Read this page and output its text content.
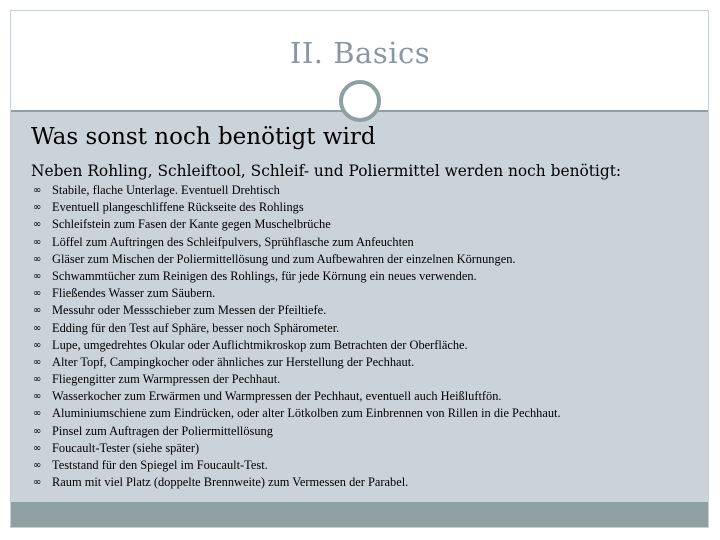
II. Basics
Was sonst noch benötigt wird

Neben Rohling, Schleiftool, Schleif- und Poliermittel werden noch benötigt:

∞ Stabile, flache Unterlage. Eventuell Drehtisch
∞ Eventuell plangeschliffene Rückseite des Rohlings
∞ Schleifstein zum Fasen der Kante gegen Muschelbrüche
∞ Löffel zum Auftringen des Schleifpulvers, Sprühflasche zum Anfeuchten
∞ Gläser zum Mischen der Poliermittellösung und zum Aufbewahren der einzelnen Körnungen.
∞ Schwammtücher zum Reinigen des Rohlings, für jede Körnung ein neues verwenden.
∞ Fließendes Wasser zum Säubern.
∞ Messuhr oder Messschieber zum Messen der Pfeiltiefe.
∞ Edding für den Test auf Sphäre, besser noch Sphärometer.
∞ Lupe, umgedrehtes Okular oder Auflichtmikroskop zum Betrachten der Oberfläche.
∞ Alter Topf, Campingkocher oder ähnliches zur Herstellung der Pechhaut.
∞ Fliegengitter zum Warmpressen der Pechhaut.
∞ Wasserkocher zum Erwärmen und Warmpressen der Pechhaut, eventuell auch Heißluftfön.
∞ Aluminiumschiene zum Eindrücken, oder alter Lötkolben zum Einbrennen von Rillen in die Pechhaut.
∞ Pinsel zum Auftragen der Poliermittellösung
∞ Foucault-Tester (siehe später)
∞ Teststand für den Spiegel im Foucault-Test.
∞ Raum mit viel Platz (doppelte Brennweite) zum Vermessen der Parabel.
